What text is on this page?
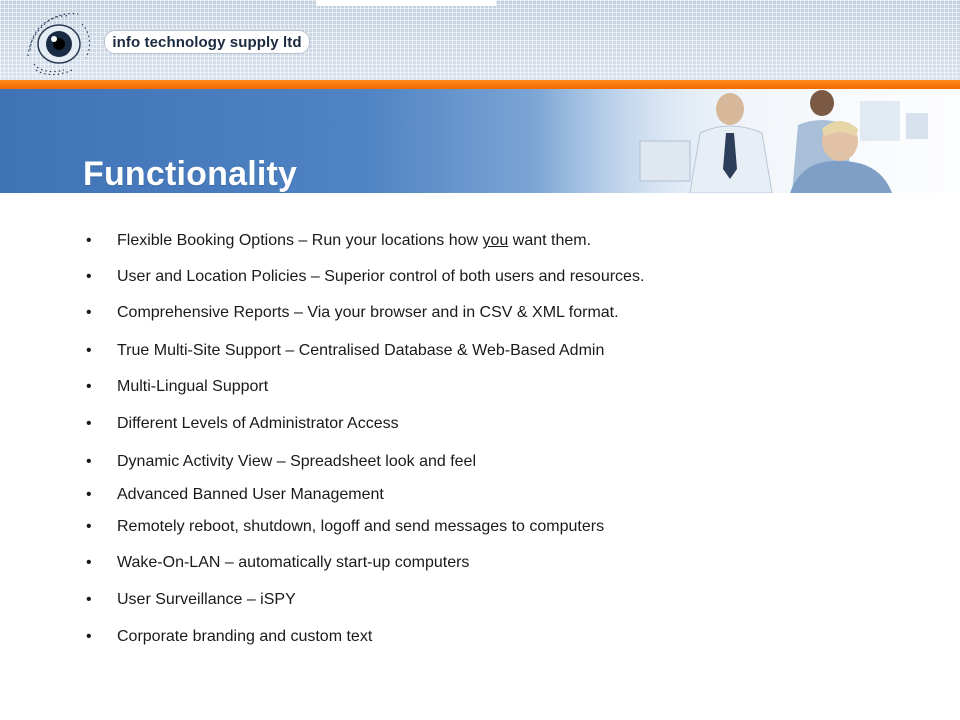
info technology supply ltd
Functionality
• Flexible Booking Options – Run your locations how you want them.
• User and Location Policies – Superior control of both users and resources.
• Comprehensive Reports – Via your browser and in CSV & XML format.
• True Multi-Site Support – Centralised Database & Web-Based Admin
• Multi-Lingual Support
• Different Levels of Administrator Access
• Dynamic Activity View – Spreadsheet look and feel
• Advanced Banned User Management
• Remotely reboot, shutdown, logoff and send messages to computers
• Wake-On-LAN – automatically start-up computers
• User Surveillance – iSPY
• Corporate branding and custom text
